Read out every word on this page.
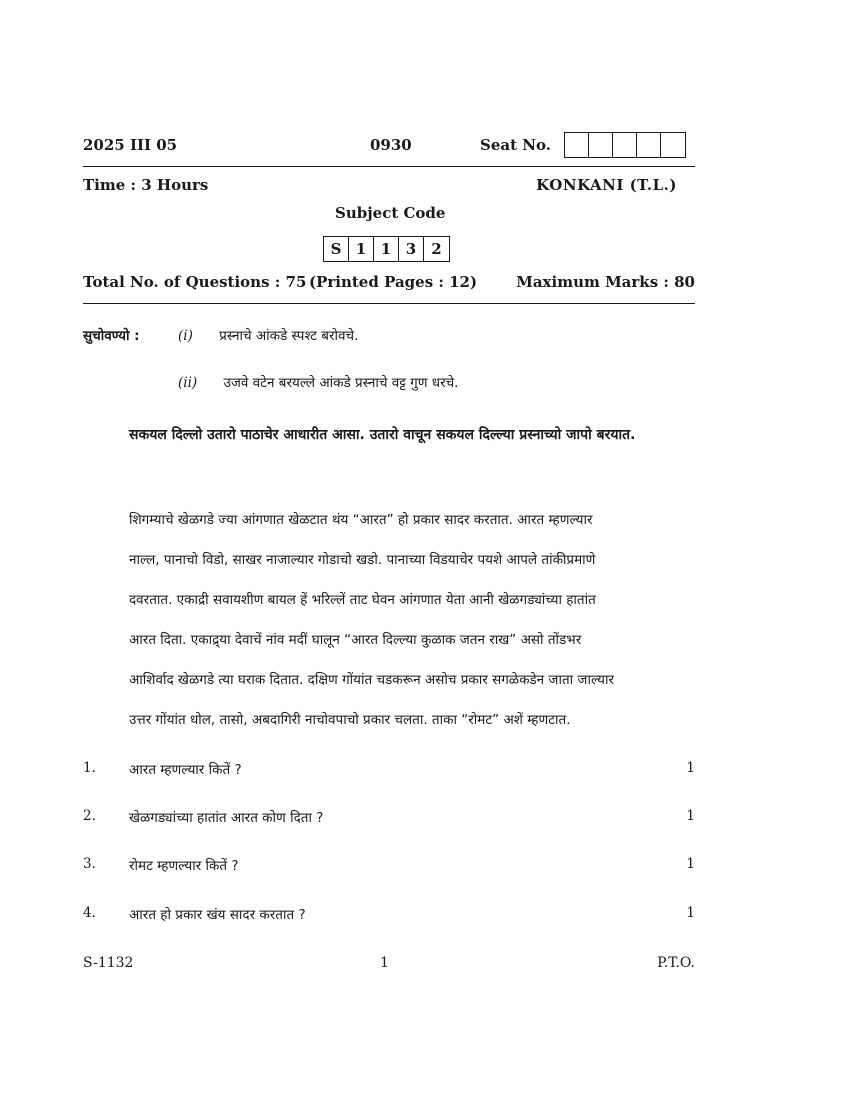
2025 III 05	0930	Seat No.
Time : 3 Hours	KONKANI (T.L.)
Subject Code
S 1 1 3	2
Total No. of Questions : 75 (Printed Pages : 12)	Maximum Marks : 80
सुचोवण्यो :	(i) प्रस्नाचे आंकडे स्पश्ट बरोवचे.
(ii) उजवे वटेन बरयल्ले आंकडे प्रस्नाचे वट्ट गुण धरचे.
सकयल दिल्लो उतारो पाठाचेर आधारीत आसा. उतारो वाचून सकयल दिल्ल्या प्रस्नाच्यो जापो बरयात.
शिगम्याचे खेळगडे ज्या आंगणात खेळटात थंय “आरत” हो प्रकार सादर करतात. आरत म्हणल्यार
नाल्ल, पानाचो विडो, साखर नाजाल्यार गोडाचो खडो. पानाच्या विडयाचेर पयशे आपले तांकीप्रमाणे
दवरतात. एकाद्री सवायशीण बायल हें भरिल्लें ताट घेवन आंगणात येता आनी खेळगड्यांच्या हातांत
आरत दिता. एकाद्र्या देवाचें नांव मदीं घालून “आरत दिल्ल्या कुळाक जतन राख” असो तोंडभर
आशिर्वाद खेळगडे त्या घराक दितात. दक्षिण गोंयांत चडकरून असोच प्रकार सगळेकडेन जाता जाल्यार
उत्तर गोंयांत धोल, तासो, अबदागिरी नाचोवपाचो प्रकार चलता. ताका “रोमट” अशें म्हणटात.
1. आरत म्हणल्यार कितें ?	1
2. खेळगड्यांच्या हातांत आरत कोण दिता ?	1
3. रोमट म्हणल्यार कितें ?	1
4. आरत हो प्रकार खंय सादर करतात ?	1
S-1132	1	P.T.O.
